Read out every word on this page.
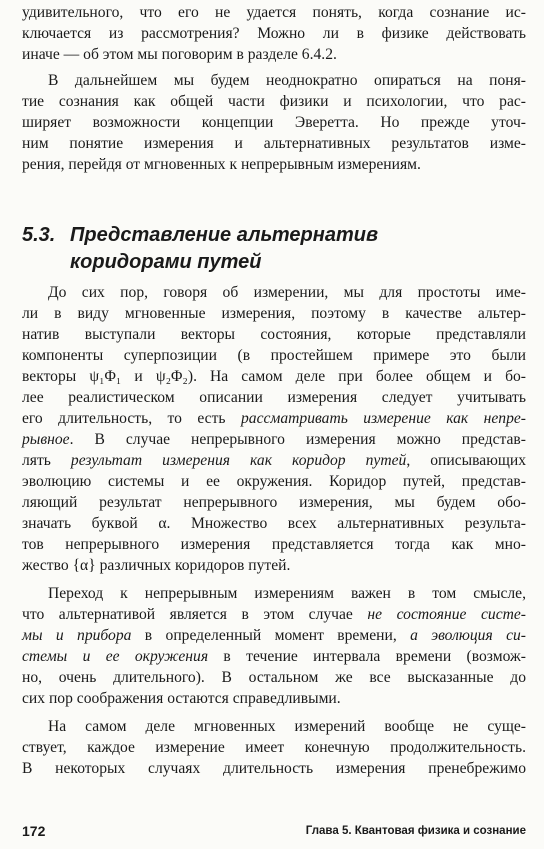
удивительного, что его не удается понять, когда сознание ис-
ключается из рассмотрения? Можно ли в физике действовать
иначе — об этом мы поговорим в разделе 6.4.2.
В дальнейшем мы будем неоднократно опираться на поня-
тие сознания как общей части физики и психологии, что рас-
ширяет возможности концепции Эверетта. Но прежде уточ-
ним понятие измерения и альтернативных результатов изме-
рения, перейдя от мгновенных к непрерывным измерениям.
5.3. Представление альтернатив
коридорами путей
До сих пор, говоря об измерении, мы для простоты име-
ли в виду мгновенные измерения, поэтому в качестве альтер-
натив выступали векторы состояния, которые представляли
компоненты суперпозиции (в простейшем примере это были
векторы ψ₁Φ₁ и ψ₂Φ₂). На самом деле при более общем и бо-
лее реалистическом описании измерения следует учитывать
его длительность, то есть рассматривать измерение как непре-
рывное. В случае непрерывного измерения можно представ-
лять результат измерения как коридор путей, описывающих
эволюцию системы и ее окружения. Коридор путей, представ-
ляющий результат непрерывного измерения, мы будем обо-
значать буквой α. Множество всех альтернативных результа-
тов непрерывного измерения представляется тогда как мно-
жество {α} различных коридоров путей.
Переход к непрерывным измерениям важен в том смысле,
что альтернативой является в этом случае не состояние систе-
мы и прибора в определенный момент времени, а эволюция си-
стемы и ее окружения в течение интервала времени (возмож-
но, очень длительного). В остальном же все высказанные до
сих пор соображения остаются справедливыми.
На самом деле мгновенных измерений вообще не суще-
ствует, каждое измерение имеет конечную продолжительность.
В некоторых случаях длительность измерения пренебрежимо
172	Глава 5. Квантовая физика и сознание
